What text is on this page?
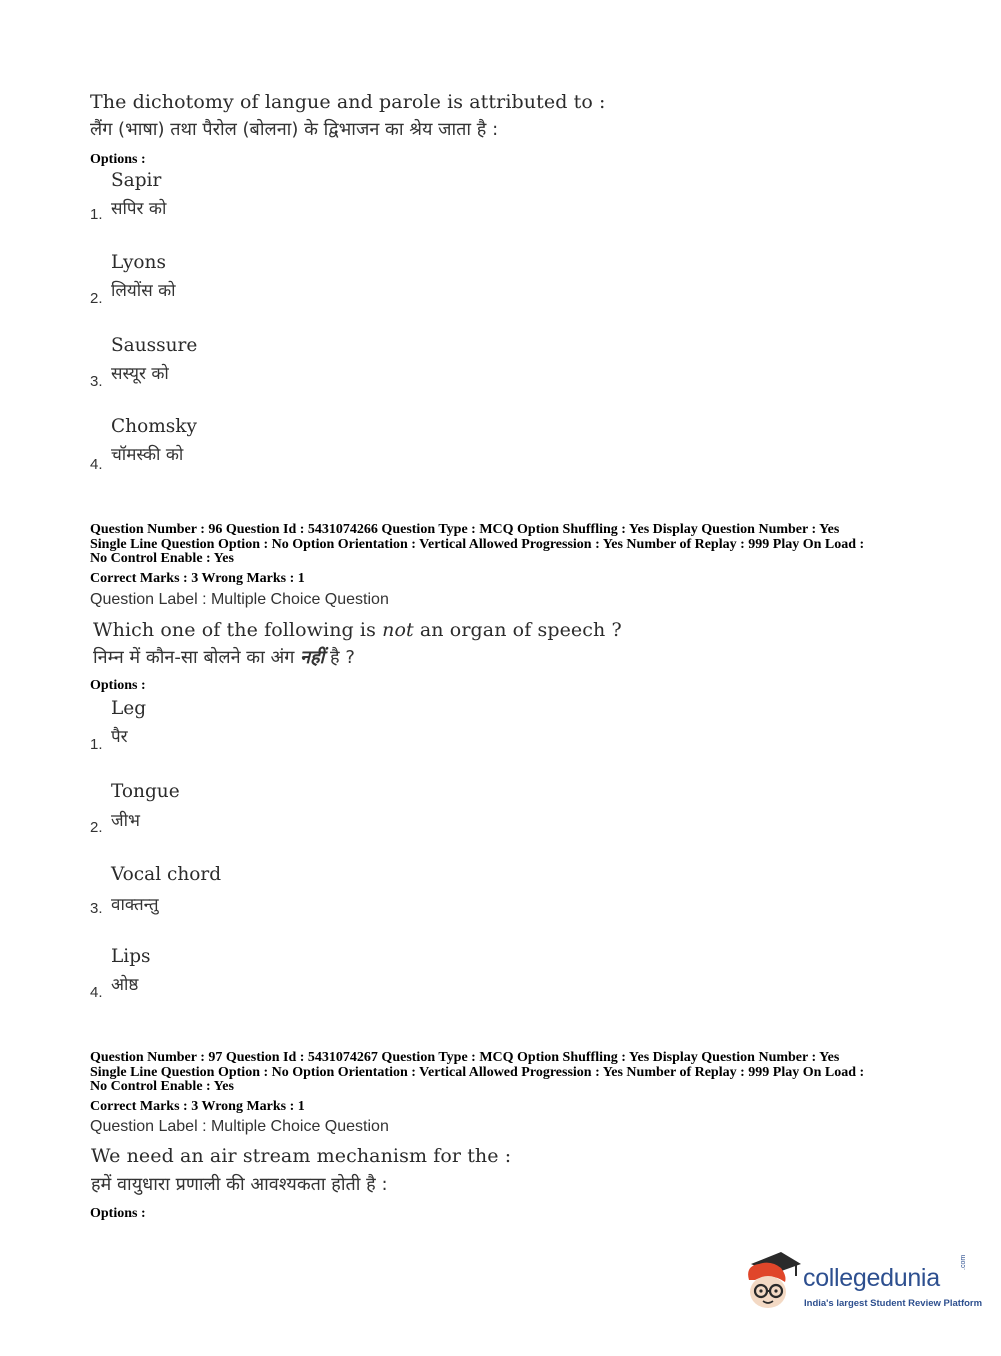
The dichotomy of langue and parole is attributed to :
लैंग (भाषा) तथा पैरोल (बोलना) के द्विभाजन का श्रेय जाता है :
Options :
Sapir
सपिर को
1.
Lyons
लियोंस को
2.
Saussure
सस्यूर को
3.
Chomsky
चॉमस्की को
4.
Question Number : 96 Question Id : 5431074266 Question Type : MCQ Option Shuffling : Yes Display Question Number : Yes
Single Line Question Option : No Option Orientation : Vertical Allowed Progression : Yes Number of Replay : 999 Play On Load :
No Control Enable : Yes
Correct Marks : 3 Wrong Marks : 1
Question Label : Multiple Choice Question
Which one of the following is not an organ of speech ?
निम्न में कौन-सा बोलने का अंग नहीं है ?
Options :
Leg
पैर
1.
Tongue
जीभ
2.
Vocal chord
वाक्तन्तु
3.
Lips
ओष्ठ
4.
Question Number : 97 Question Id : 5431074267 Question Type : MCQ Option Shuffling : Yes Display Question Number : Yes
Single Line Question Option : No Option Orientation : Vertical Allowed Progression : Yes Number of Replay : 999 Play On Load :
No Control Enable : Yes
Correct Marks : 3 Wrong Marks : 1
Question Label : Multiple Choice Question
We need an air stream mechanism for the :
हमें वायुधारा प्रणाली की आवश्यकता होती है :
Options :
collegedunia
.com
India's largest Student Review Platform
